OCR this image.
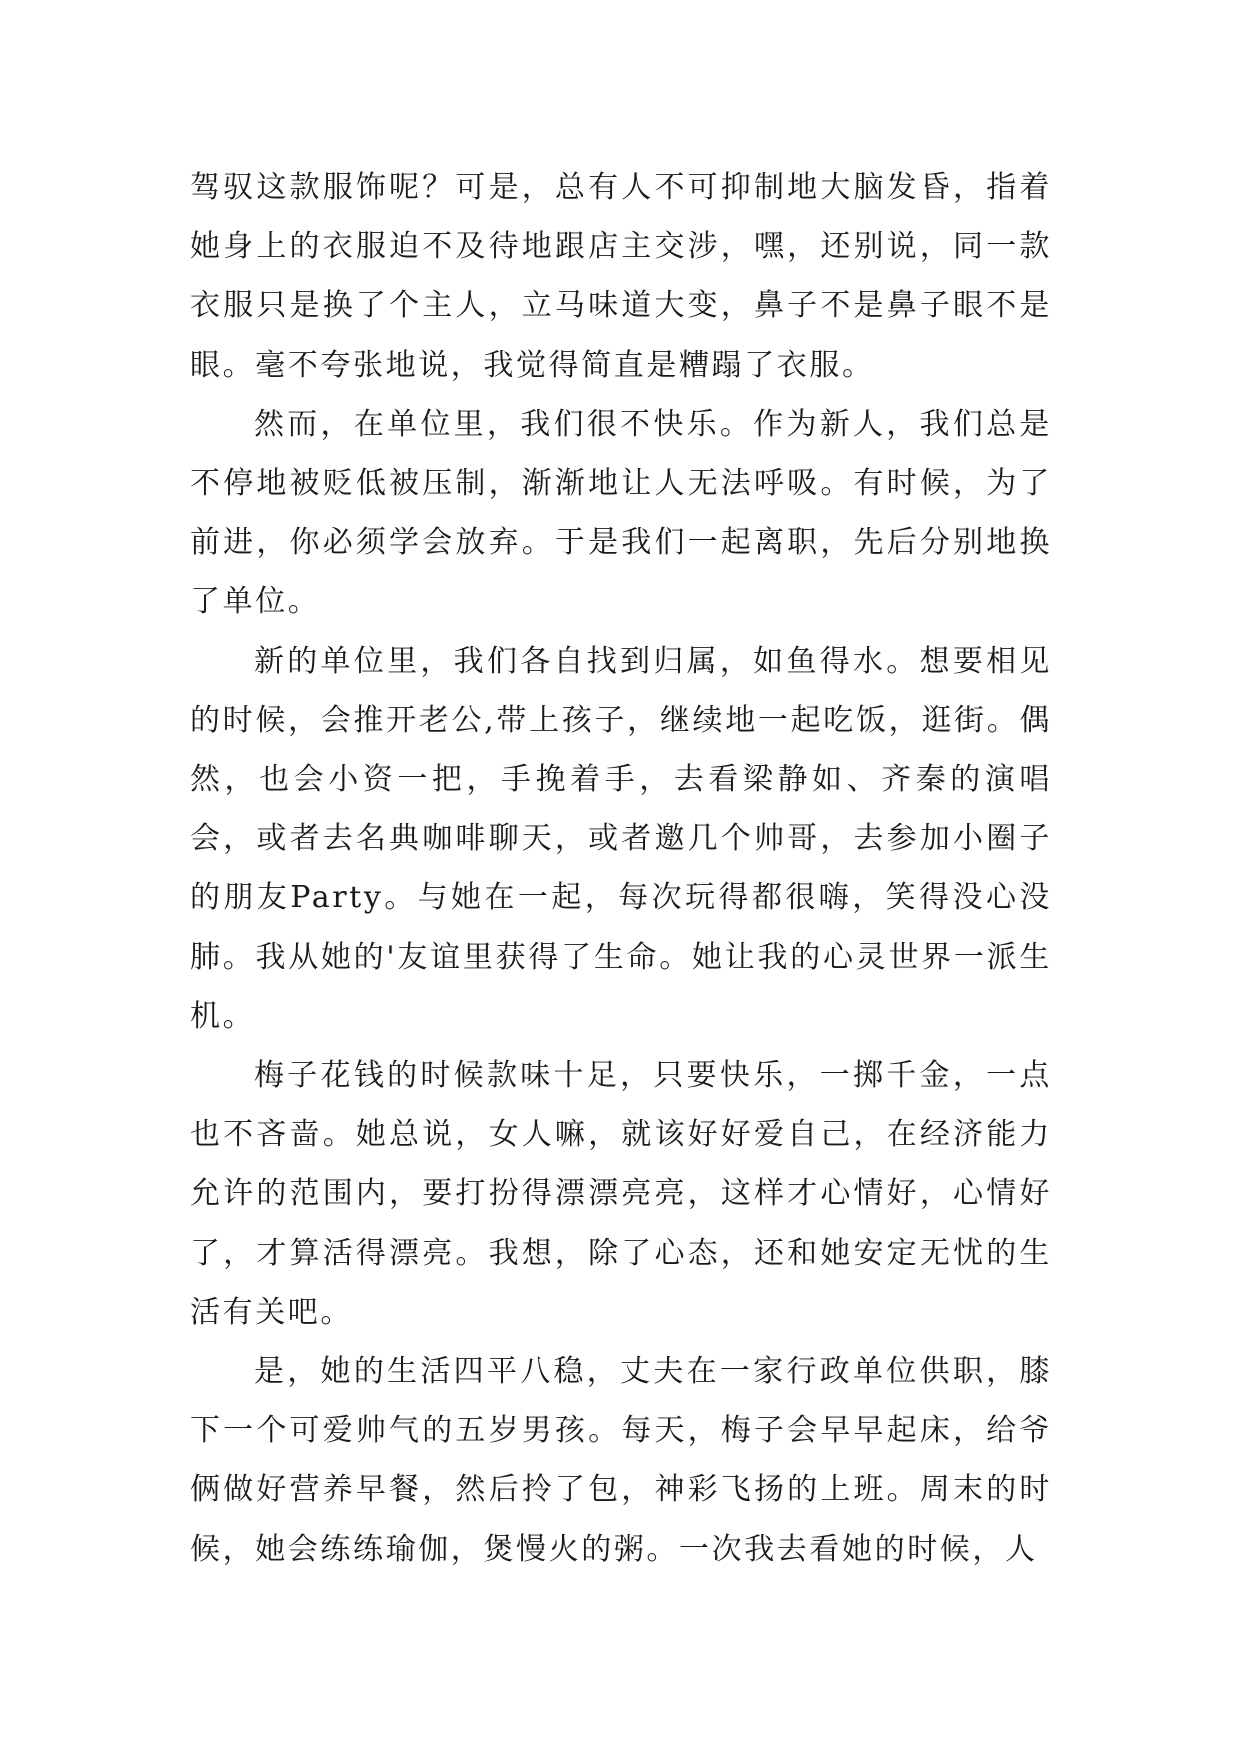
驾驭这款服饰呢？可是，总有人不可抑制地大脑发昏，指着她身上的衣服迫不及待地跟店主交涉，嘿，还别说，同一款衣服只是换了个主人，立马味道大变，鼻子不是鼻子眼不是眼。毫不夸张地说，我觉得简直是糟蹋了衣服。

然而，在单位里，我们很不快乐。作为新人，我们总是不停地被贬低被压制，渐渐地让人无法呼吸。有时候，为了前进，你必须学会放弃。于是我们一起离职，先后分别地换了单位。

新的单位里，我们各自找到归属，如鱼得水。想要相见的时候，会推开老公,带上孩子，继续地一起吃饭，逛街。偶然，也会小资一把，手挽着手，去看梁静如、齐秦的演唱会，或者去名典咖啡聊天，或者邀几个帅哥，去参加小圈子的朋友Party。与她在一起，每次玩得都很嗨，笑得没心没肺。我从她的'友谊里获得了生命。她让我的心灵世界一派生机。

梅子花钱的时候款味十足，只要快乐，一掷千金，一点也不吝啬。她总说，女人嘛，就该好好爱自己，在经济能力允许的范围内，要打扮得漂漂亮亮，这样才心情好，心情好了，才算活得漂亮。我想，除了心态，还和她安定无忧的生活有关吧。

是，她的生活四平八稳，丈夫在一家行政单位供职，膝下一个可爱帅气的五岁男孩。每天，梅子会早早起床，给爷俩做好营养早餐，然后拎了包，神彩飞扬的上班。周末的时候，她会练练瑜伽，煲慢火的粥。一次我去看她的时候，人
